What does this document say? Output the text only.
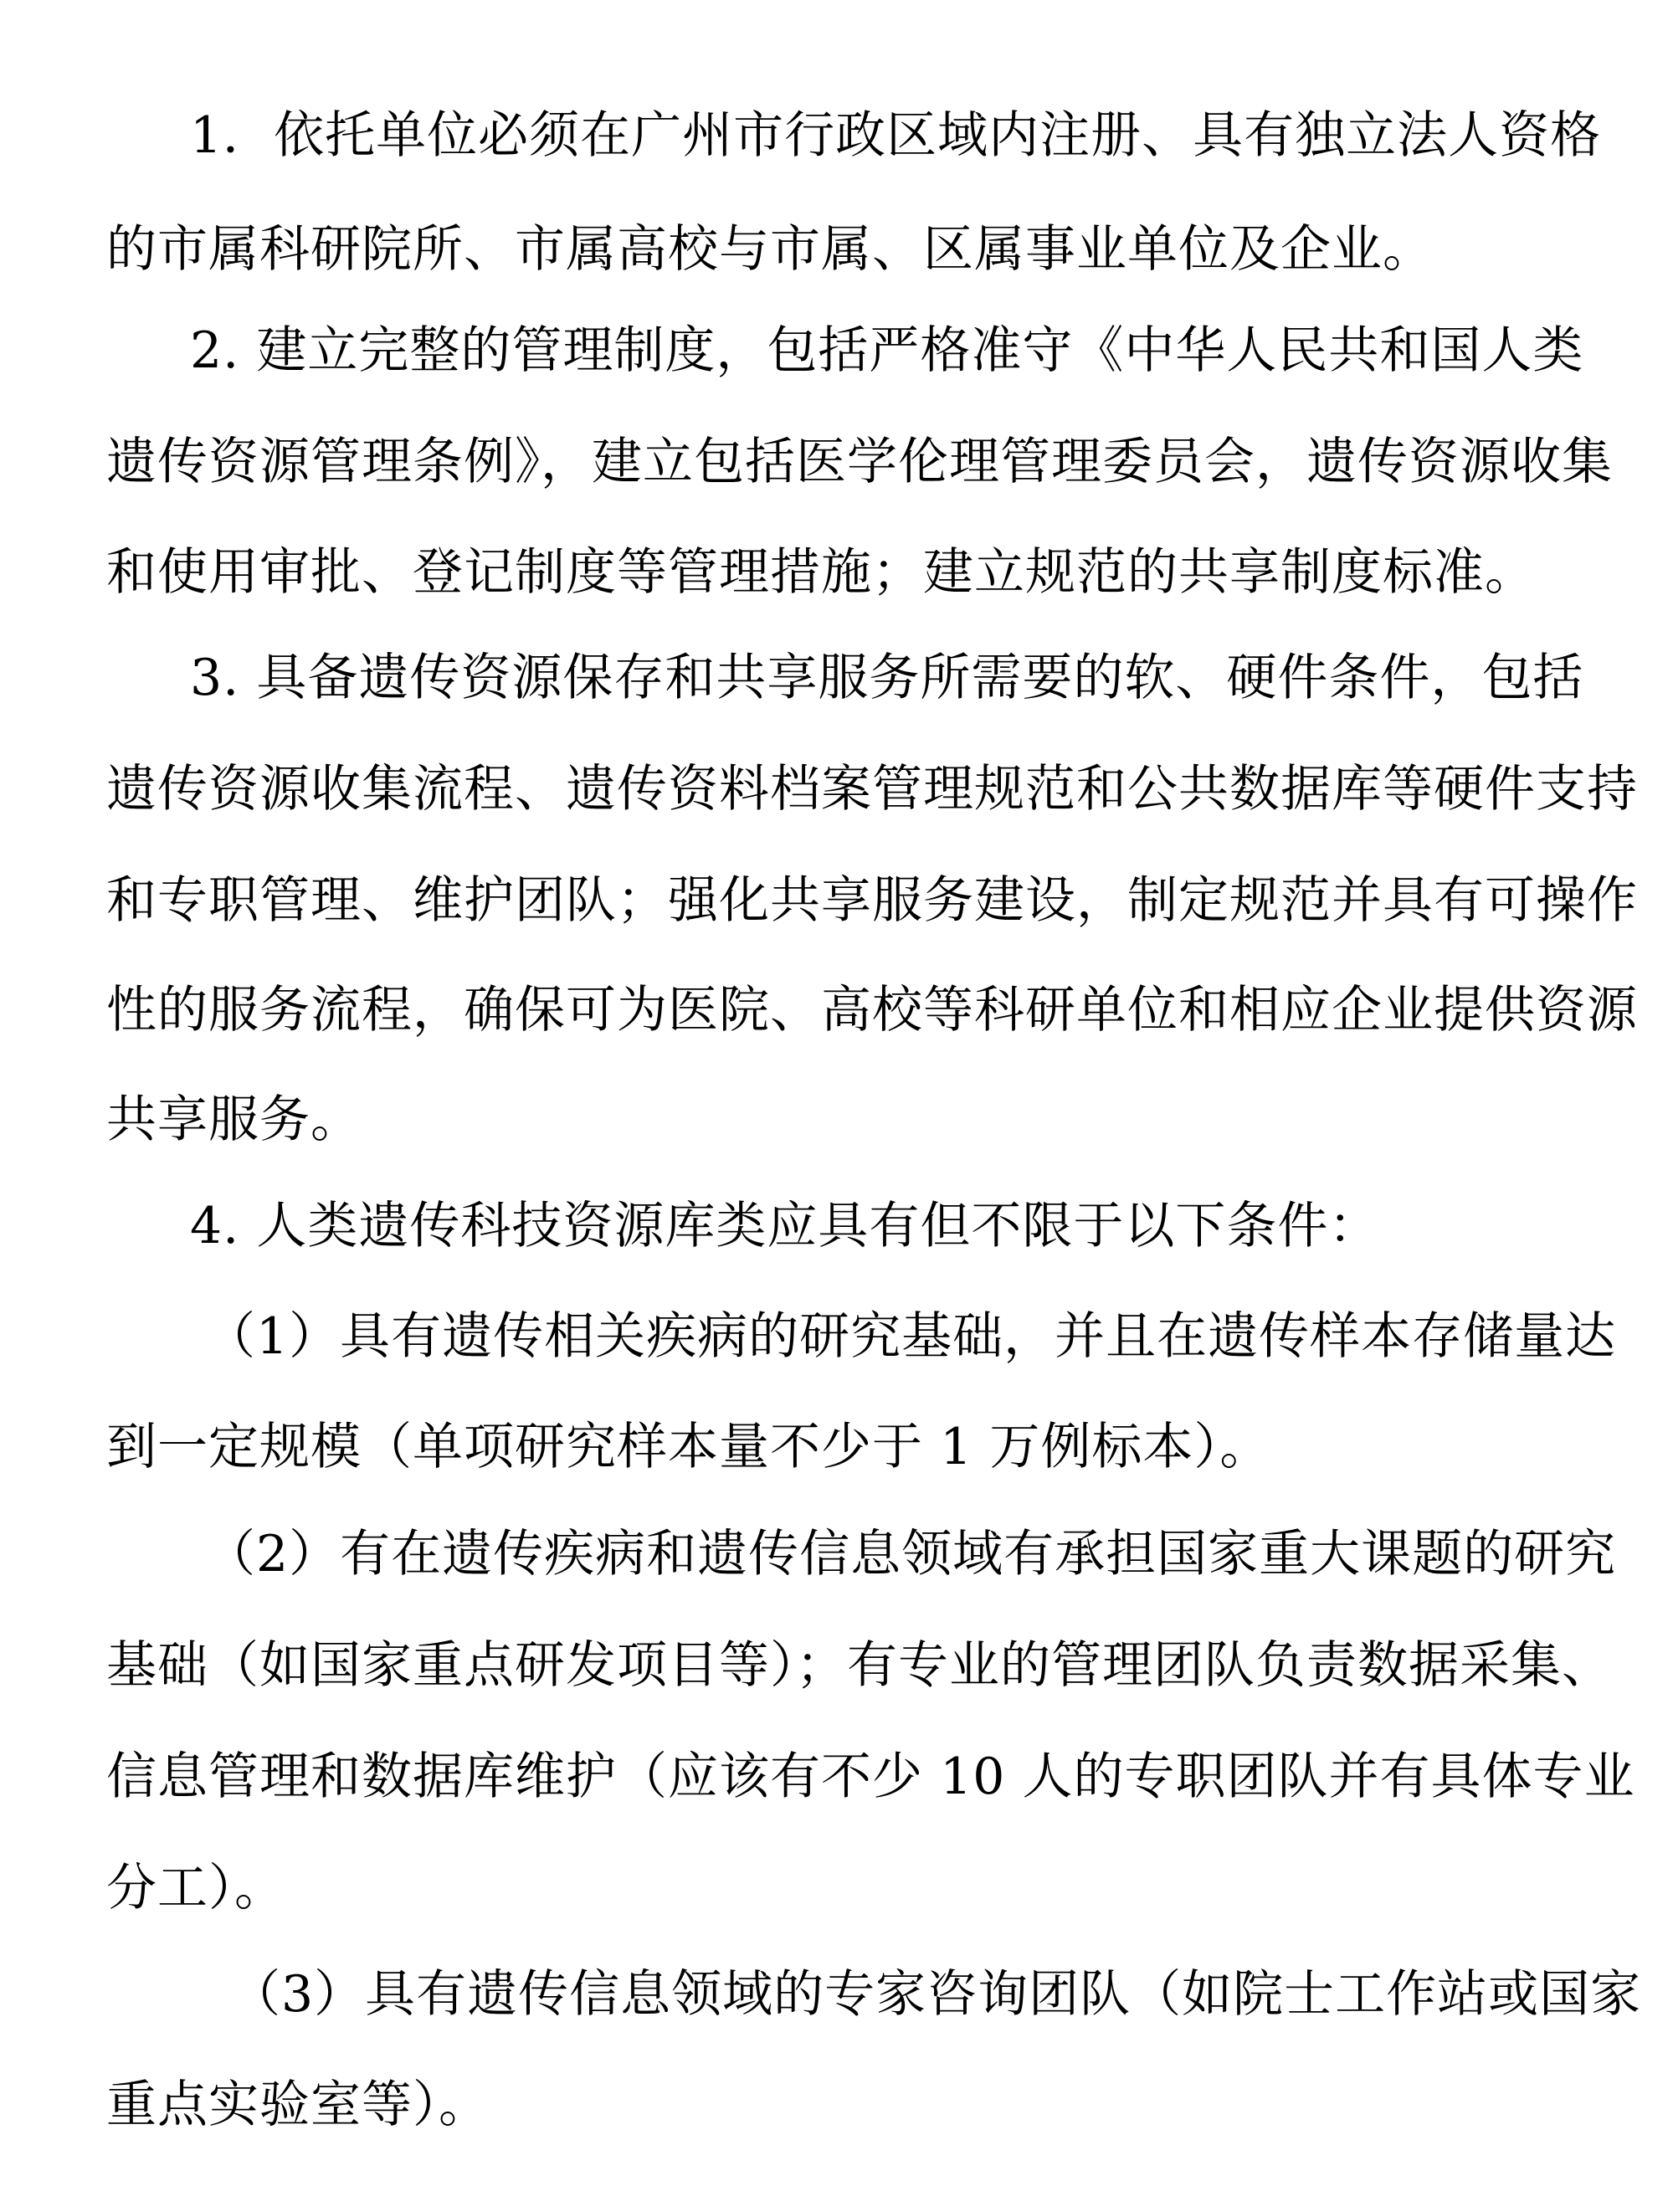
1．依托单位必须在广州市行政区域内注册、具有独立法人资格
的市属科研院所、市属高校与市属、区属事业单位及企业。
2. 建立完整的管理制度，包括严格准守《中华人民共和国人类
遗传资源管理条例》，建立包括医学伦理管理委员会，遗传资源收集
和使用审批、登记制度等管理措施；建立规范的共享制度标准。
3. 具备遗传资源保存和共享服务所需要的软、硬件条件，包括
遗传资源收集流程、遗传资料档案管理规范和公共数据库等硬件支持
和专职管理、维护团队；强化共享服务建设，制定规范并具有可操作
性的服务流程，确保可为医院、高校等科研单位和相应企业提供资源
共享服务。
4. 人类遗传科技资源库类应具有但不限于以下条件：
（1）具有遗传相关疾病的研究基础，并且在遗传样本存储量达
到一定规模（单项研究样本量不少于 1 万例标本）。
（2）有在遗传疾病和遗传信息领域有承担国家重大课题的研究
基础（如国家重点研发项目等）；有专业的管理团队负责数据采集、
信息管理和数据库维护（应该有不少 10 人的专职团队并有具体专业
分工）。
（3）具有遗传信息领域的专家咨询团队（如院士工作站或国家
重点实验室等）。
